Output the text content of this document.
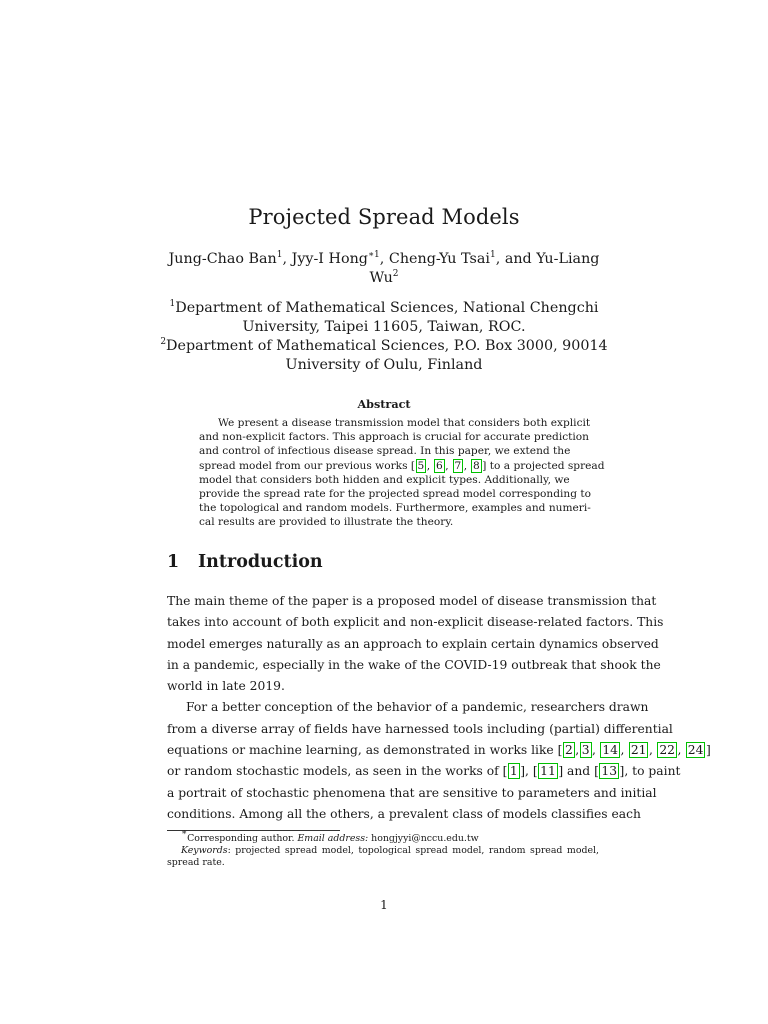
Projected Spread Models
Jung-Chao Ban$^1$, Jyy-I Hong$^{∗1}$, Cheng-Yu Tsai$^1$, and Yu-Liang
Wu$^2$
$^1$Department of Mathematical Sciences, National Chengchi
University, Taipei 11605, Taiwan, ROC.
$^2$Department of Mathematical Sciences, P.O. Box 3000, 90014
University of Oulu, Finland
Abstract
We present a disease transmission model that considers both explicit
and non-explicit factors. This approach is crucial for accurate prediction
and control of infectious disease spread. In this paper, we extend the
spread model from our previous works [ 5 , 6 , 7 , 8 ] to a projected spread
model that considers both hidden and explicit types. Additionally, we
provide the spread rate for the projected spread model corresponding to
the topological and random models. Furthermore, examples and numeri-
cal results are provided to illustrate the theory.
1 Introduction
The main theme of the paper is a proposed model of disease transmission that
takes into account of both explicit and non-explicit disease-related factors. This
model emerges naturally as an approach to explain certain dynamics observed
in a pandemic, especially in the wake of the COVID-19 outbreak that shook the
world in late 2019.
For a better conception of the behavior of a pandemic, researchers drawn
from a diverse array of fields have harnessed tools including (partial) differential
equations or machine learning, as demonstrated in works like [ 2 , 3 , 14 , 21 , 22 , 24 ]
or random stochastic models, as seen in the works of [ 1 ], [ 11 ] and [ 13 ], to paint
a portrait of stochastic phenomena that are sensitive to parameters and initial
conditions. Among all the others, a prevalent class of models classifies each
∗Corresponding author. Email address: hongjyyi@nccu.edu.tw
Keywords: projected spread model, topological spread model, random spread model,
spread rate.
1
